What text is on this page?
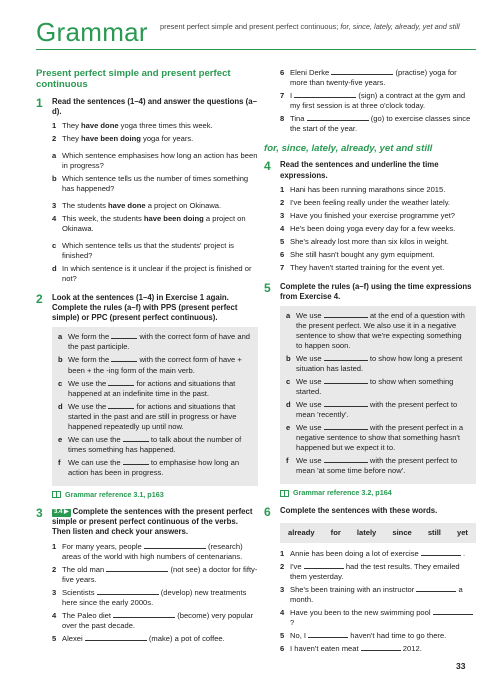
Grammar present perfect simple and present perfect continuous; for, since, lately, already, yet and still
Present perfect simple and present perfect continuous
1	Read the sentences (1–4) and answer the questions (a–d).
1 They have done yoga three times this week.
2 They have been doing yoga for years.
a Which sentence emphasises how long an action has been in progress?
b Which sentence tells us the number of times something has happened?
3 The students have done a project on Okinawa.
4 This week, the students have been doing a project on Okinawa.
c Which sentence tells us that the students' project is finished?
d In which sentence is it unclear if the project is finished or not?
2	Look at the sentences (1–4) in Exercise 1 again. Complete the rules (a–f) with PPS (present perfect simple) or PPC (present perfect continuous).
a We form the	with the correct form of have and the past participle.
b We form the	with the correct form of have + been + the -ing form of the main verb.
c We use the	for actions and situations that happened at an indefinite time in the past.
d We use the	for actions and situations that started in the past and are still in progress or have happened repeatedly up until now.
e We can use the	to talk about the number of times something has happened.
f We can use the	to emphasise how long an action has been in progress.
Grammar reference 3.1, p163
3	3.4 ▶Complete the sentences with the present perfect simple or present perfect continuous of the verbs. Then listen and check your answers.
1 For many years, people	(research) areas of the world with high numbers of centenarians.
2 The old man	(not see) a doctor for fifty-five years.
3 Scientists	(develop) new treatments here since the early 2000s.
4 The Paleo diet	(become) very popular over the past decade.
5 Alexei	(make) a pot of coffee.
6 Eleni Derke	(practise) yoga for more than twenty-five years.
7 I	(sign) a contract at the gym and my first session is at three o'clock today.
8 Tina	(go) to exercise classes since the start of the year.
for, since, lately, already, yet and still
4	Read the sentences and underline the time expressions.
1 Hani has been running marathons since 2015.
2 I've been feeling really under the weather lately.
3 Have you finished your exercise programme yet?
4 He's been doing yoga every day for a few weeks.
5 She's already lost more than six kilos in weight.
6 She still hasn't bought any gym equipment.
7 They haven't started training for the event yet.
5	Complete the rules (a–f) using the time expressions from Exercise 4.
a We use	at the end of a question with the present perfect. We also use it in a negative sentence to show that we're expecting something to happen soon.
b We use	to show how long a present situation has lasted.
c We use	to show when something started.
d We use	with the present perfect to mean 'recently'.
e We use	with the present perfect in a negative sentence to show that something hasn't happened but we expect it to.
f We use	with the present perfect to mean 'at some time before now'.
Grammar reference 3.2, p164
6	Complete the sentences with these words.
already for lately since still yet
1 Annie has been doing a lot of exercise	.
2 I've	had the test results. They emailed them yesterday.
3 She's been training with an instructor	a month.
4 Have you been to the new swimming pool  ?
5 No, I	haven't had time to go there.
6 I haven't eaten meat	2012.
33
